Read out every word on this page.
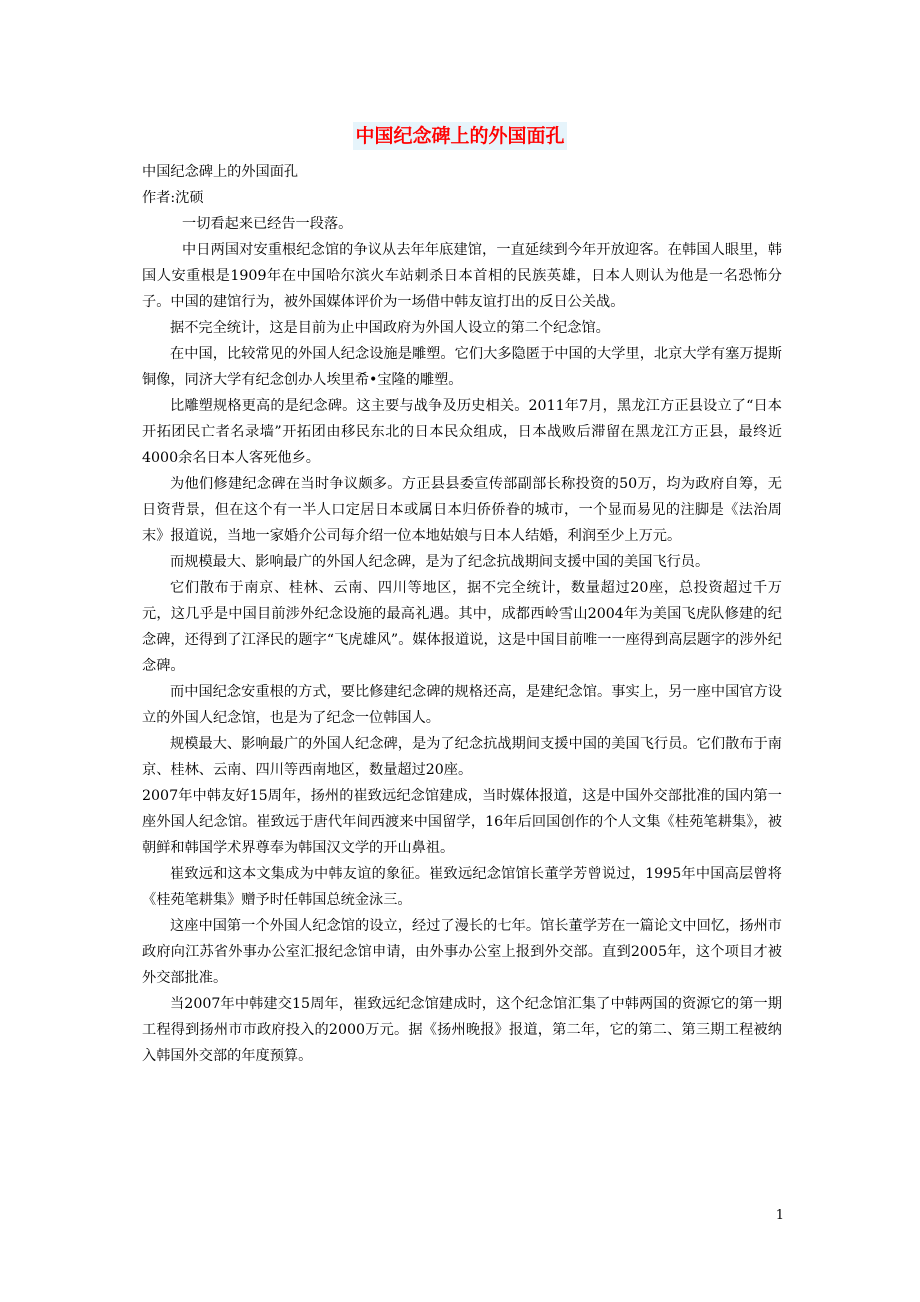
中国纪念碑上的外国面孔

中国纪念碑上的外国面孔

作者:沈硕

一切看起来已经告一段落。

中日两国对安重根纪念馆的争议从去年年底建馆，一直延续到今年开放迎客。在韩国人眼里，韩国人安重根是1909年在中国哈尔滨火车站刺杀日本首相的民族英雄，日本人则认为他是一名恐怖分子。中国的建馆行为，被外国媒体评价为一场借中韩友谊打出的反日公关战。

据不完全统计，这是目前为止中国政府为外国人设立的第二个纪念馆。

在中国，比较常见的外国人纪念设施是雕塑。它们大多隐匿于中国的大学里，北京大学有塞万提斯铜像，同济大学有纪念创办人埃里希•宝隆的雕塑。

比雕塑规格更高的是纪念碑。这主要与战争及历史相关。2011年7月，黑龙江方正县设立了“日本开拓团民亡者名录墙”开拓团由移民东北的日本民众组成，日本战败后滞留在黑龙江方正县，最终近4000余名日本人客死他乡。

为他们修建纪念碑在当时争议颇多。方正县县委宣传部副部长称投资的50万，均为政府自筹，无日资背景，但在这个有一半人口定居日本或属日本归侨侨眷的城市，一个显而易见的注脚是《法治周末》报道说，当地一家婚介公司每介绍一位本地姑娘与日本人结婚，利润至少上万元。

而规模最大、影响最广的外国人纪念碑，是为了纪念抗战期间支援中国的美国飞行员。

它们散布于南京、桂林、云南、四川等地区，据不完全统计，数量超过20座，总投资超过千万元，这几乎是中国目前涉外纪念设施的最高礼遇。其中，成都西岭雪山2004年为美国飞虎队修建的纪念碑，还得到了江泽民的题字“飞虎雄风”。媒体报道说，这是中国目前唯一一座得到高层题字的涉外纪念碑。

而中国纪念安重根的方式，要比修建纪念碑的规格还高，是建纪念馆。事实上，另一座中国官方设立的外国人纪念馆，也是为了纪念一位韩国人。

规模最大、影响最广的外国人纪念碑，是为了纪念抗战期间支援中国的美国飞行员。它们散布于南京、桂林、云南、四川等西南地区，数量超过20座。

2007年中韩友好15周年，扬州的崔致远纪念馆建成，当时媒体报道，这是中国外交部批准的国内第一座外国人纪念馆。崔致远于唐代年间西渡来中国留学，16年后回国创作的个人文集《桂苑笔耕集》，被朝鲜和韩国学术界尊奉为韩国汉文学的开山鼻祖。

崔致远和这本文集成为中韩友谊的象征。崔致远纪念馆馆长董学芳曾说过，1995年中国高层曾将《桂苑笔耕集》赠予时任韩国总统金泳三。

这座中国第一个外国人纪念馆的设立，经过了漫长的七年。馆长董学芳在一篇论文中回忆，扬州市政府向江苏省外事办公室汇报纪念馆申请，由外事办公室上报到外交部。直到2005年，这个项目才被外交部批准。

当2007年中韩建交15周年，崔致远纪念馆建成时，这个纪念馆汇集了中韩两国的资源它的第一期工程得到扬州市市政府投入的2000万元。据《扬州晚报》报道，第二年，它的第二、第三期工程被纳入韩国外交部的年度预算。

1
